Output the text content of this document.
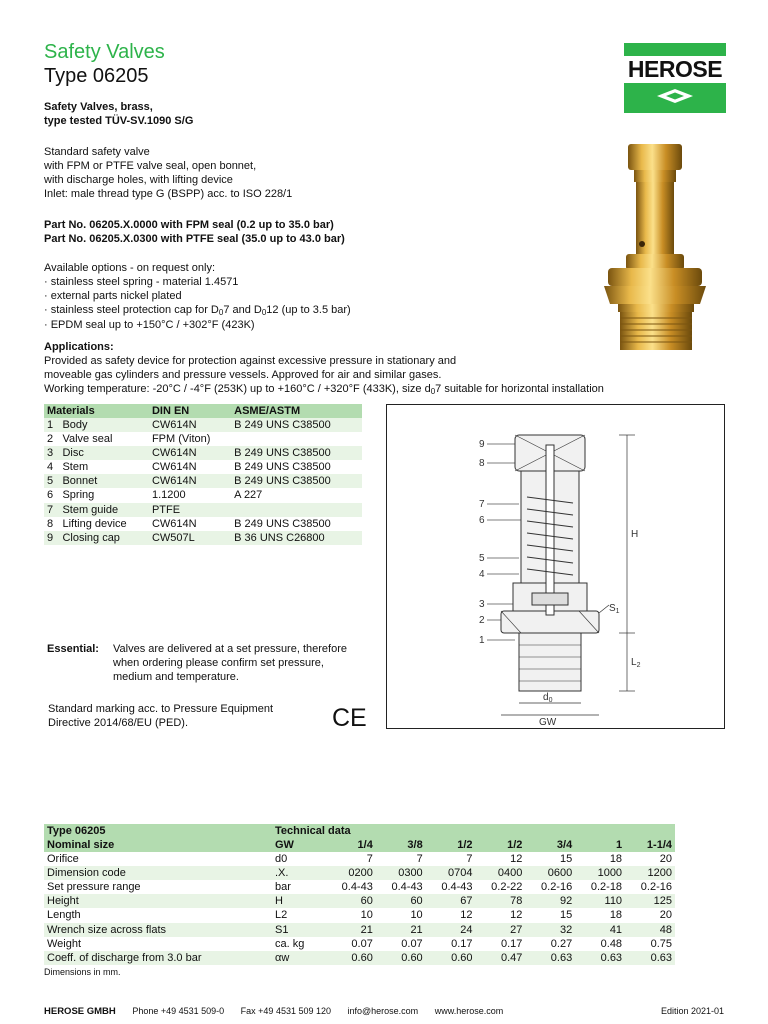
Safety Valves
Type 06205	HEROSE
Safety Valves, brass,
type tested TÜV-SV.1090 S/G
Standard safety valve
with FPM or PTFE valve seal, open bonnet,
with discharge holes, with lifting device
Inlet: male thread type G (BSPP) acc. to ISO 228/1
Part No. 06205.X.0000 with FPM seal (0.2 up to 35.0 bar)
Part No. 06205.X.0300 with PTFE seal (35.0 up to 43.0 bar)
Available options - on request only:
· stainless steel spring - material 1.4571
· external parts nickel plated
· stainless steel protection cap for $D_07$ and $D_012$ (up to 3.5 bar)
· EPDM seal up to +150°C / +302°F (423K)
Applications:
Provided as safety device for protection against excessive pressure in stationary and
moveable gas cylinders and pressure vessels. Approved for air and similar gases.
Working temperature: -20°C / -4°F (253K) up to +160°C / +320°F (433K), size $d_07$ suitable for horizontal installation
Materials		DIN EN	ASME/ASTM
1	Body	CW614N	B 249 UNS C38500
2	Valve seal	FPM (Viton)	
3	Disc	CW614N	B 249 UNS C38500
4	Stem	CW614N	B 249 UNS C38500
5	Bonnet	CW614N	B 249 UNS C38500
6	Spring	1.1200	A 227
7	Stem guide	PTFE	
8	Lifting device	CW614N	B 249 UNS C38500
9	Closing cap	CW507L	B 36 UNS C26800
9
8
7
6
5
4
3
2
1
H
$S_1$
$L_2$
$d_0$
GW
Essential: Valves are delivered at a set pressure, therefore when ordering please confirm set pressure, medium and temperature.
Standard marking acc. to Pressure Equipment Directive 2014/68/EU (PED).	CE
Type 06205	Technical data							
Nominal size	GW	1/4	3/8	1/2	1/2	3/4	1	1-1/4
Orifice	d0	7	7	7	12	15	18	20
Dimension code	.X.	0200	0300	0704	0400	0600	1000	1200
Set pressure range	bar	0.4-43	0.4-43	0.4-43	0.2-22	0.2-16	0.2-18	0.2-16
Height	H	60	60	67	78	92	110	125
Length	L2	10	10	12	12	15	18	20
Wrench size across flats	S1	21	21	24	27	32	41	48
Weight	ca. kg	0.07	0.07	0.17	0.17	0.27	0.48	0.75
Coeff. of discharge from 3.0 bar	αw	0.60	0.60	0.60	0.47	0.63	0.63	0.63

Dimensions in mm.
HEROSE GMBH Phone +49 4531 509-0 Fax +49 4531 509 120 info@herose.com www.herose.com	Edition 2021-01
